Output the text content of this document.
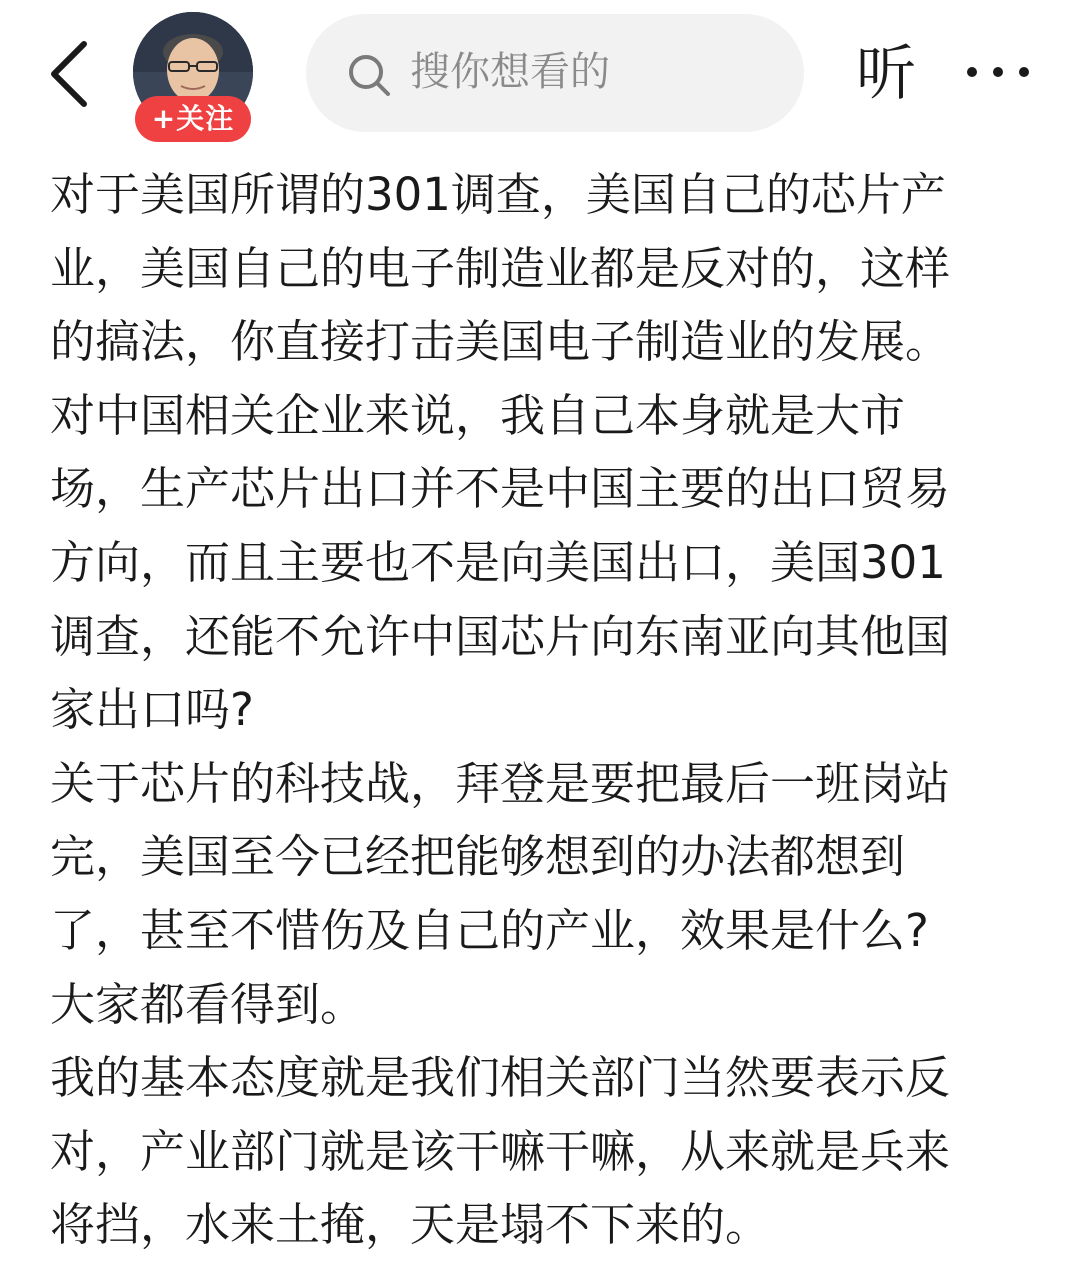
+关注
搜你想看的	听
对于美国所谓的301调查，美国自己的芯片产
业，美国自己的电子制造业都是反对的，这样
的搞法，你直接打击美国电子制造业的发展。
对中国相关企业来说，我自己本身就是大市
场，生产芯片出口并不是中国主要的出口贸易
方向，而且主要也不是向美国出口，美国301
调查，还能不允许中国芯片向东南亚向其他国
家出口吗?
关于芯片的科技战，拜登是要把最后一班岗站
完，美国至今已经把能够想到的办法都想到
了，甚至不惜伤及自己的产业，效果是什么?
大家都看得到。
我的基本态度就是我们相关部门当然要表示反
对，产业部门就是该干嘛干嘛，从来就是兵来
将挡，水来土掩，天是塌不下来的。
